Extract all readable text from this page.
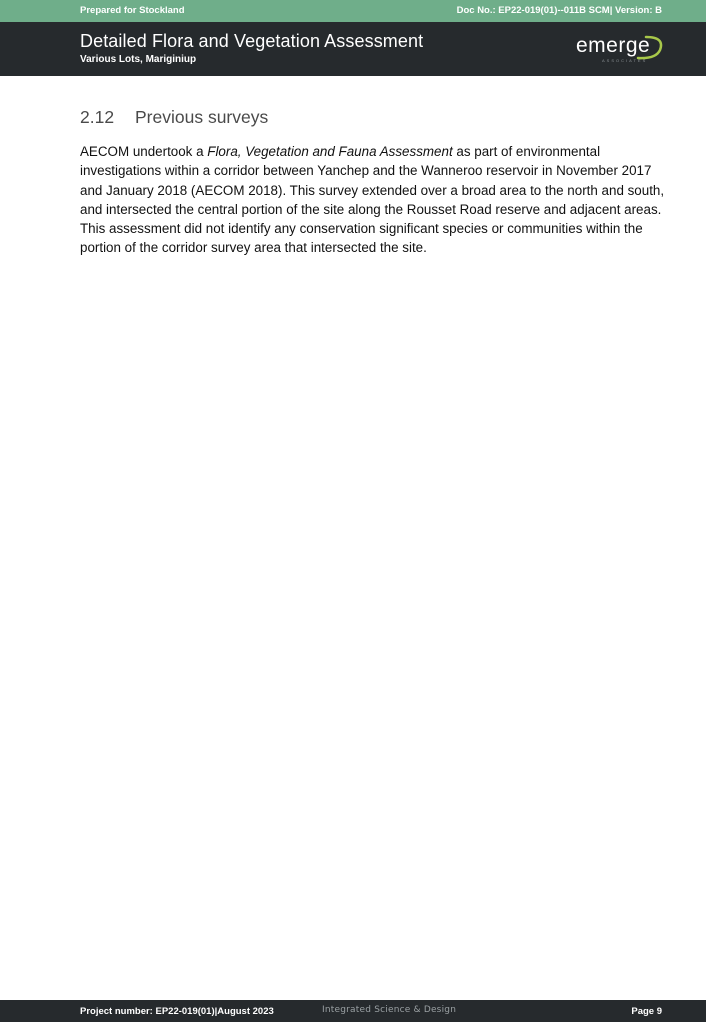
Prepared for Stockland	Doc No.: EP22-019(01)--011B SCM| Version: B
Detailed Flora and Vegetation Assessment
Various Lots, Mariginiup
emerge
ASSOCIATES
2.12 Previous surveys

AECOM undertook a Flora, Vegetation and Fauna Assessment as part of environmental investigations within a corridor between Yanchep and the Wanneroo reservoir in November 2017 and January 2018 (AECOM 2018). This survey extended over a broad area to the north and south, and intersected the central portion of the site along the Rousset Road reserve and adjacent areas. This assessment did not identify any conservation significant species or communities within the portion of the corridor survey area that intersected the site.

Project number: EP22-019(01)|August 2023	Integrated Science & Design	Page 9
